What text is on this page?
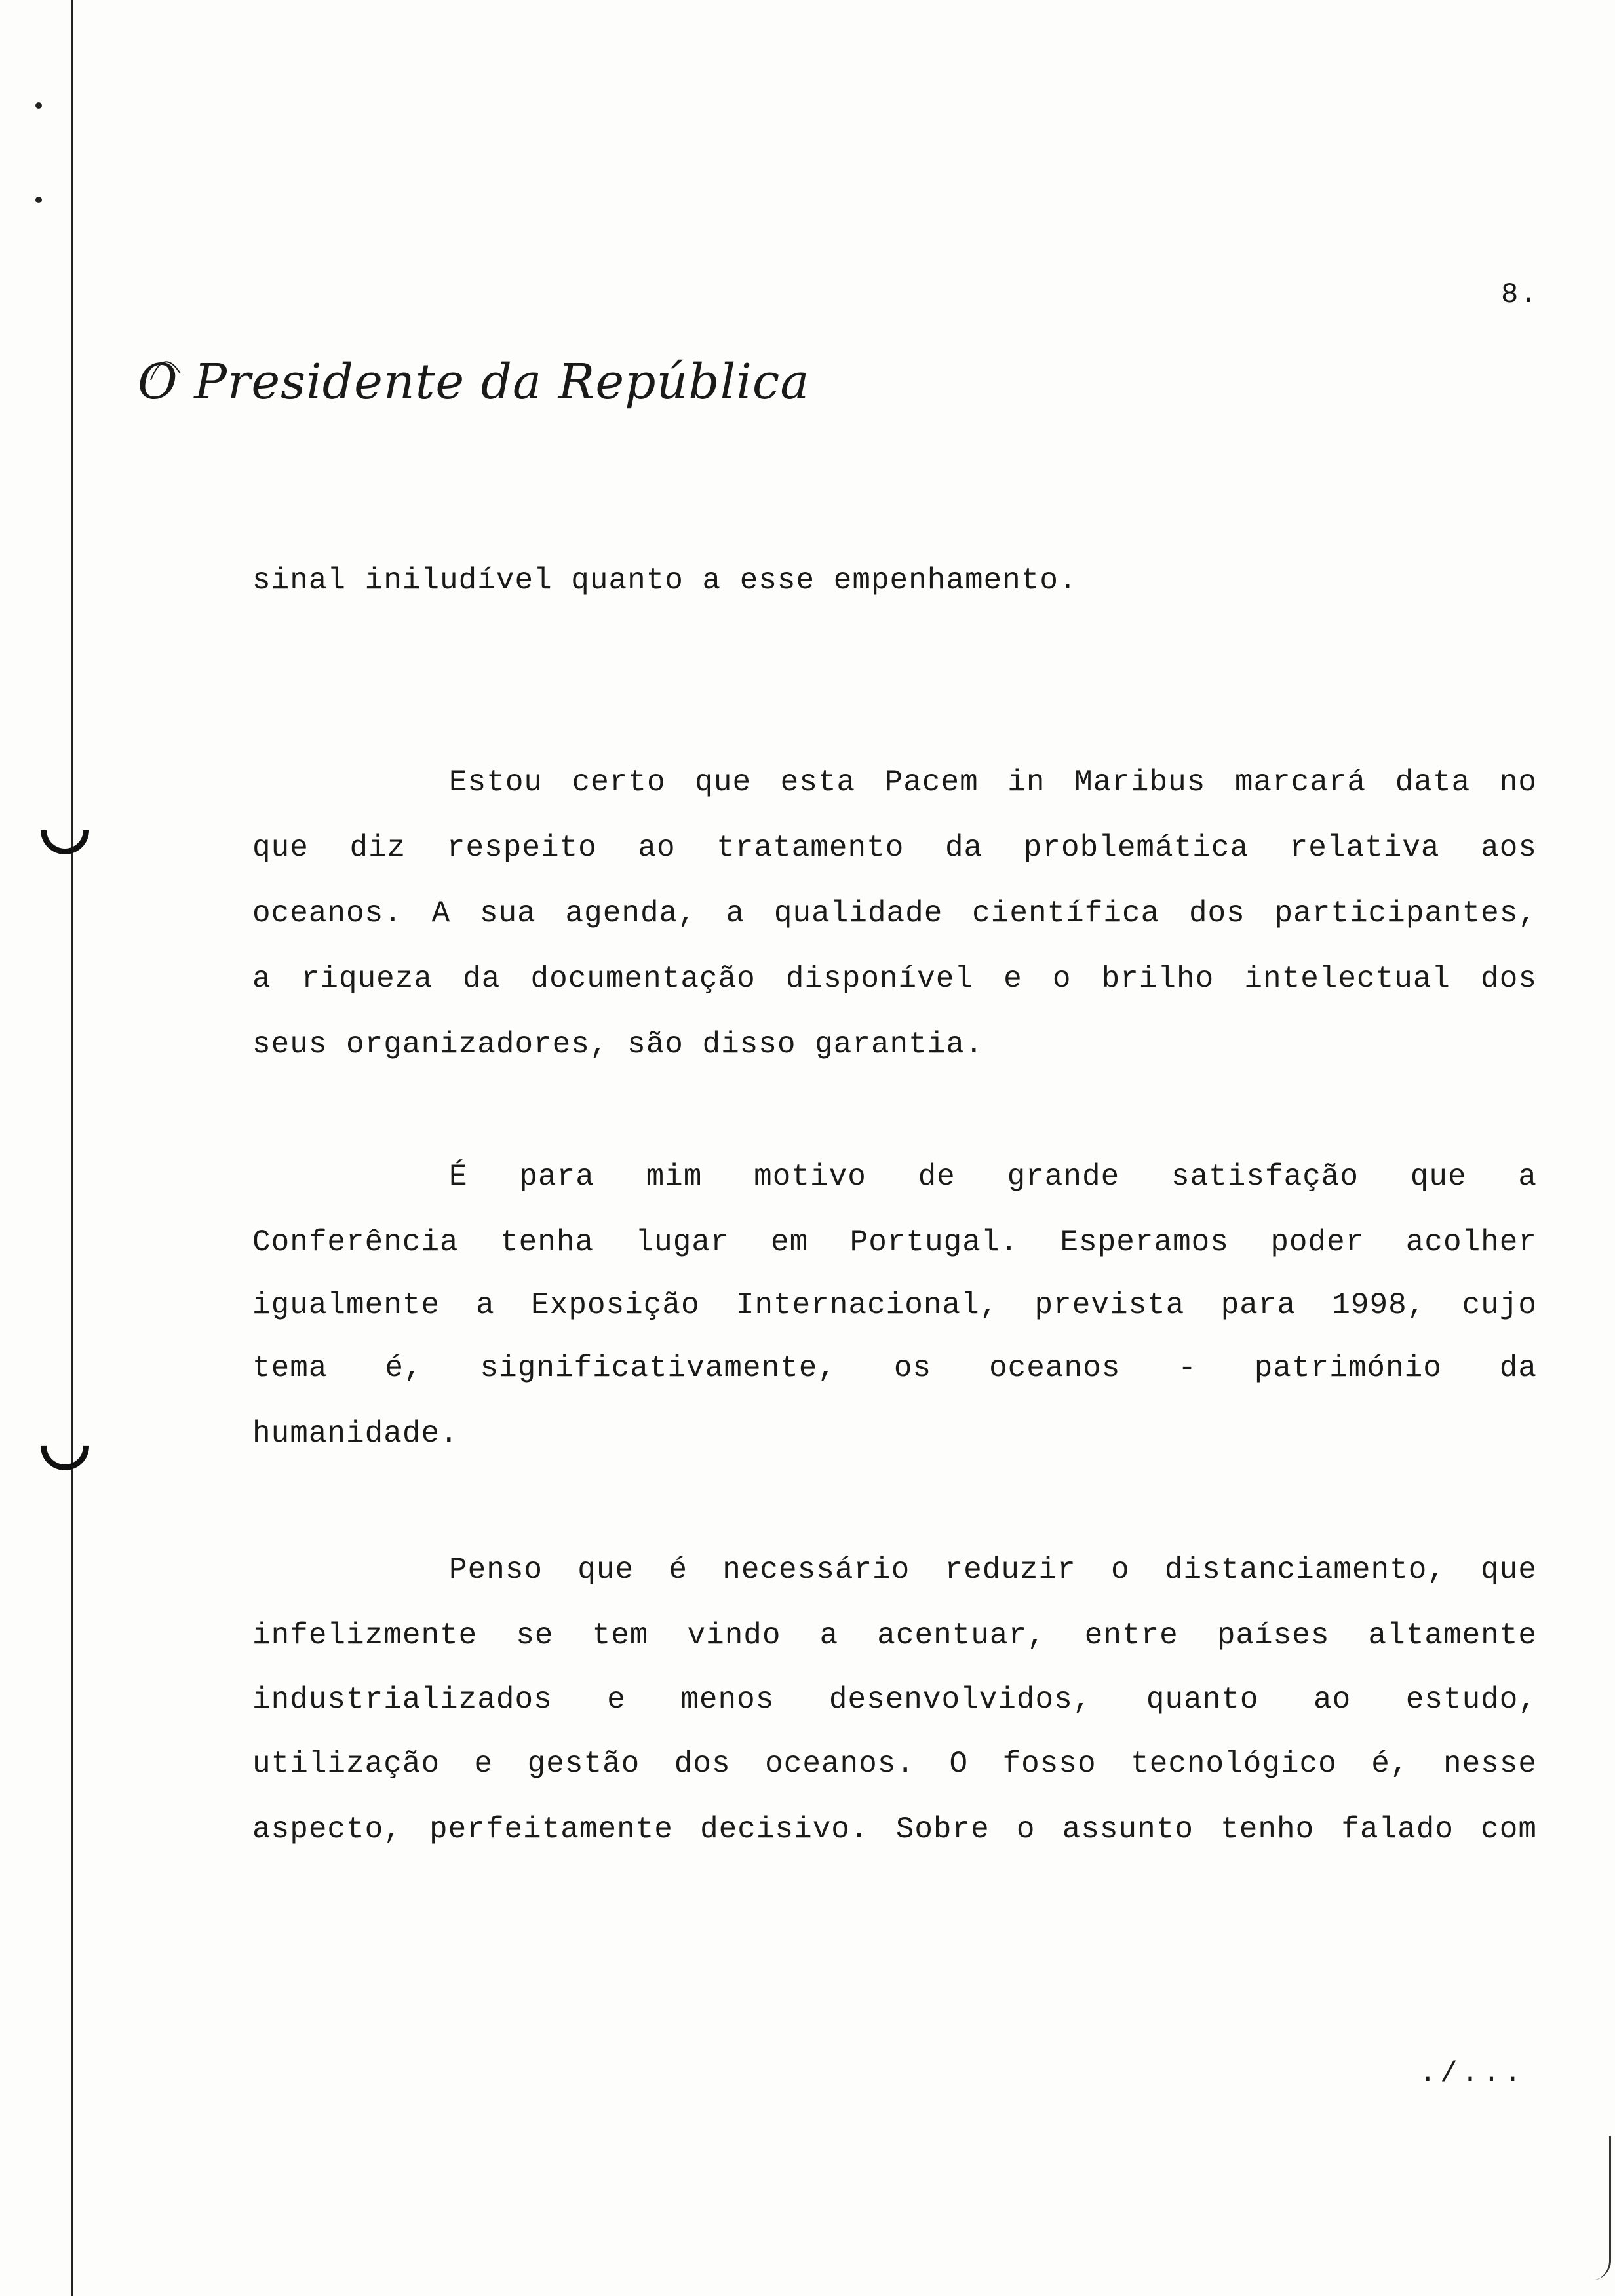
8.
O Presidente da República
sinal iniludível quanto a esse empenhamento.
Estou certo que esta Pacem in Maribus marcará data no
que diz respeito ao tratamento da problemática relativa aos
oceanos. A sua agenda, a qualidade científica dos participantes,
a riqueza da documentação disponível e o brilho intelectual dos
seus organizadores, são disso garantia.
É para mim motivo de grande satisfação que a
Conferência tenha lugar em Portugal. Esperamos poder acolher
igualmente a Exposição Internacional, prevista para 1998, cujo
tema é, significativamente, os oceanos - património da
humanidade.
Penso que é necessário reduzir o distanciamento, que
infelizmente se tem vindo a acentuar, entre países altamente
industrializados e menos desenvolvidos, quanto ao estudo,
utilização e gestão dos oceanos. O fosso tecnológico é, nesse
aspecto, perfeitamente decisivo. Sobre o assunto tenho falado com
./...
